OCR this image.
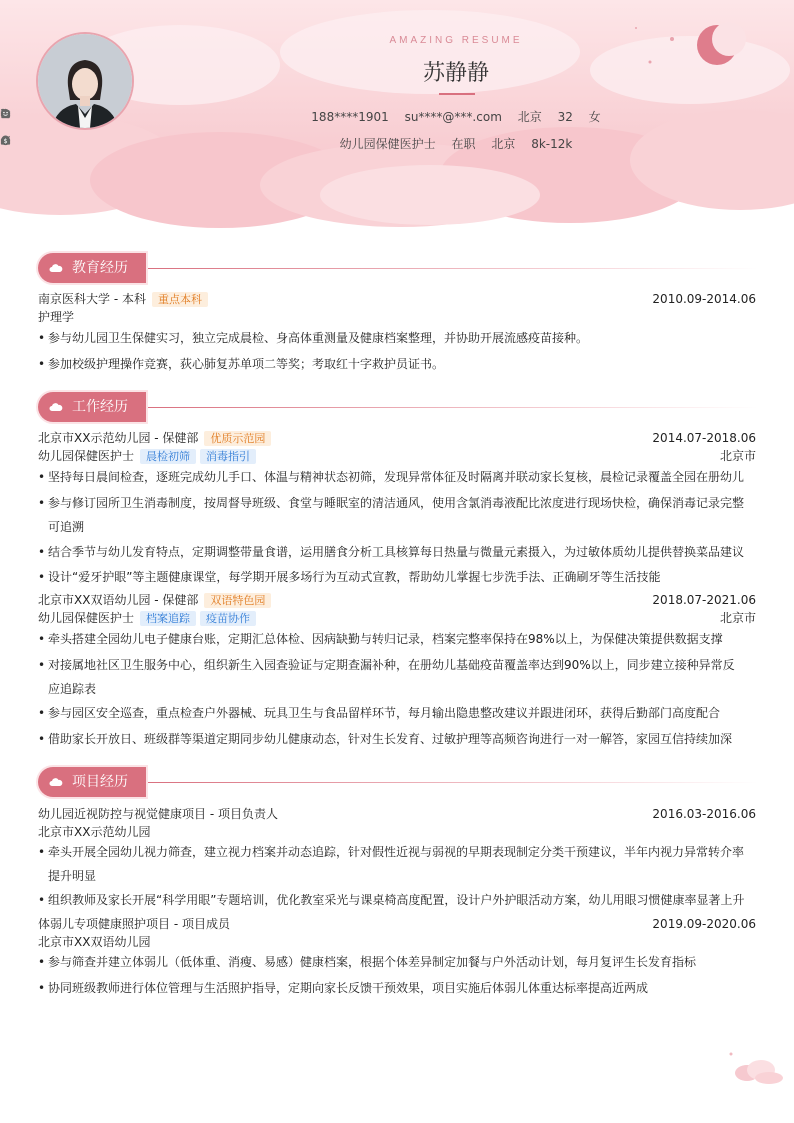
AMAZING RESUME
苏静静
188****1901 su****@***.com 北京 32 女
幼儿园保健医护士 在职 北京
$	8k-12k
教育经历
南京医科大学 - 本科 重点本科	2010.09-2014.06
护理学
• 参与幼儿园卫生保健实习，独立完成晨检、身高体重测量及健康档案整理，并协助开展流感疫苗接种。
• 参加校级护理操作竞赛，荻心肺复苏单项二等奖；考取红十字救护员证书。
工作经历
北京市XX示范幼儿园 - 保健部 优质示范园	2014.07-2018.06
幼儿园保健医护士 晨检初筛 消毒指引	北京市
• 坚持每日晨间检查，逐班完成幼儿手口、体温与精神状态初筛，发现异常体征及时隔离并联动家长复核，晨检记录覆盖全园在册幼儿
• 参与修订园所卫生消毒制度，按周督导班级、食堂与睡眠室的清洁通风，使用含氯消毒液配比浓度进行现场快检，确保消毒记录完整可追溯
• 结合季节与幼儿发育特点，定期调整带量食谱，运用膳食分析工具核算每日热量与微量元素摄入，为过敏体质幼儿提供替换菜品建议
• 设计“爱牙护眼”等主题健康课堂，每学期开展多场行为互动式宣教，帮助幼儿掌握七步洗手法、正确刷牙等生活技能
北京市XX双语幼儿园 - 保健部 双语特色园	2018.07-2021.06
幼儿园保健医护士 档案追踪 疫苗协作	北京市
• 牵头搭建全园幼儿电子健康台账，定期汇总体检、因病缺勤与转归记录，档案完整率保持在98%以上，为保健决策提供数据支撑
• 对接属地社区卫生服务中心，组织新生入园查验证与定期查漏补种，在册幼儿基础疫苗覆盖率达到90%以上，同步建立接种异常反应追踪表
• 参与园区安全巡查，重点检查户外器械、玩具卫生与食品留样环节，每月输出隐患整改建议并跟进闭环，获得后勤部门高度配合
• 借助家长开放日、班级群等渠道定期同步幼儿健康动态，针对生长发育、过敏护理等高频咨询进行一对一解答，家园互信持续加深
项目经历
幼儿园近视防控与视觉健康项目 - 项目负责人	2016.03-2016.06
北京市XX示范幼儿园
• 牵头开展全园幼儿视力筛查，建立视力档案并动态追踪，针对假性近视与弱视的早期表现制定分类干预建议，半年内视力异常转介率提升明显
• 组织教师及家长开展“科学用眼”专题培训，优化教室采光与课桌椅高度配置，设计户外护眼活动方案，幼儿用眼习惯健康率显著上升
体弱儿专项健康照护项目 - 项目成员	2019.09-2020.06
北京市XX双语幼儿园
• 参与筛查并建立体弱儿（低体重、消瘦、易感）健康档案，根据个体差异制定加餐与户外活动计划，每月复评生长发育指标
• 协同班级教师进行体位管理与生活照护指导，定期向家长反馈干预效果，项目实施后体弱儿体重达标率提高近两成
